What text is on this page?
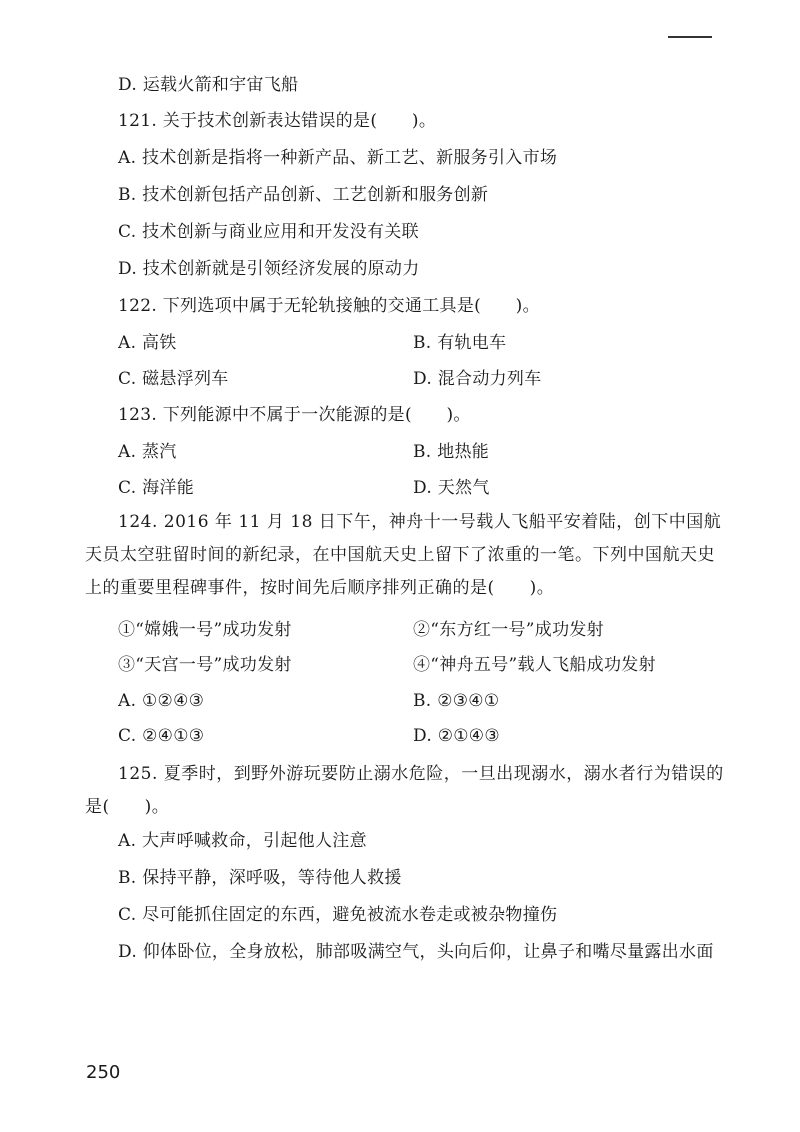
D. 运载火箭和宇宙飞船
121. 关于技术创新表达错误的是(　　)。
A. 技术创新是指将一种新产品、新工艺、新服务引入市场
B. 技术创新包括产品创新、工艺创新和服务创新
C. 技术创新与商业应用和开发没有关联
D. 技术创新就是引领经济发展的原动力
122. 下列选项中属于无轮轨接触的交通工具是(　　)。
A. 高铁	B. 有轨电车
C. 磁悬浮列车	D. 混合动力列车
123. 下列能源中不属于一次能源的是(　　)。
A. 蒸汽	B. 地热能
C. 海洋能	D. 天然气
124. 2016 年 11 月 18 日下午，神舟十一号载人飞船平安着陆，创下中国航天员太空驻留时间的新纪录，在中国航天史上留下了浓重的一笔。下列中国航天史上的重要里程碑事件，按时间先后顺序排列正确的是(　　)。
①“嫦娥一号”成功发射	②“东方红一号”成功发射
③“天宫一号”成功发射	④“神舟五号”载人飞船成功发射
A. ①②④③	B. ②③④①
C. ②④①③	D. ②①④③
125. 夏季时，到野外游玩要防止溺水危险，一旦出现溺水，溺水者行为错误的是(　　)。
A. 大声呼喊救命，引起他人注意
B. 保持平静，深呼吸，等待他人救援
C. 尽可能抓住固定的东西，避免被流水卷走或被杂物撞伤
D. 仰体卧位，全身放松，肺部吸满空气，头向后仰，让鼻子和嘴尽量露出水面
250
